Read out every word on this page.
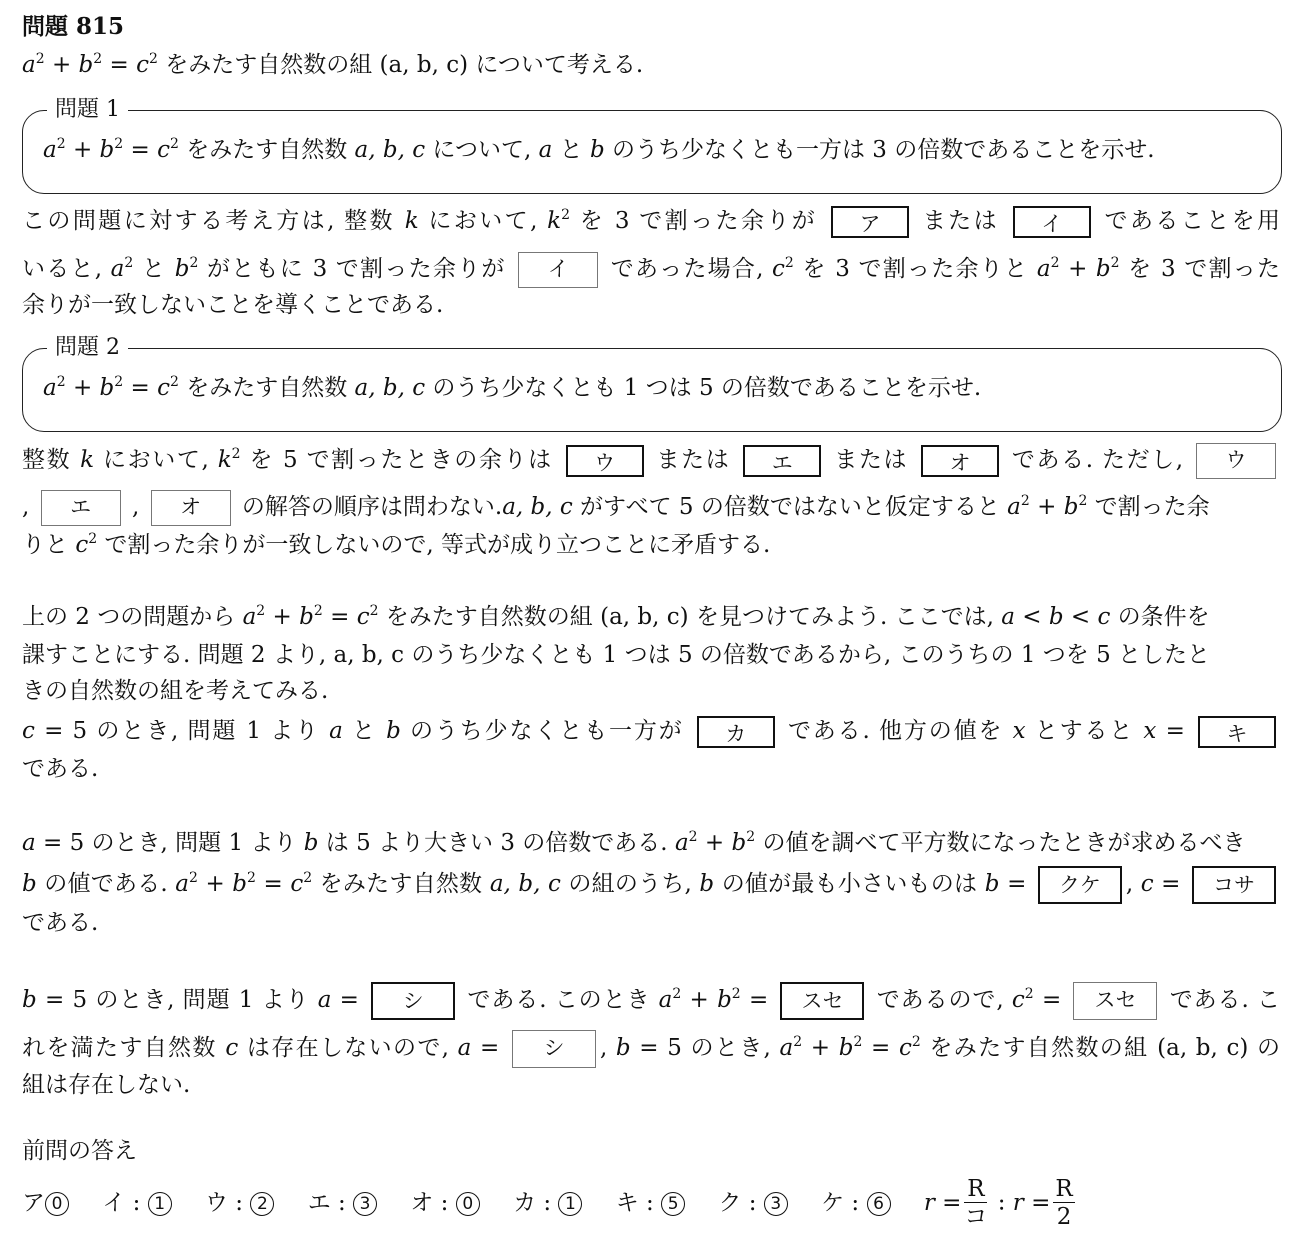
問題 815
$a^2 + b^2 = c^2$ をみたす自然数の組 (a, b, c) について考える.
問題 1
$a^2 + b^2 = c^2$ をみたす自然数 a, b, c について, a と b のうち少なくとも一方は 3 の倍数であることを示せ.
この問題に対する考え方は, 整数 k において, $k^2$ を 3 で割った余りが ア または イ であることを用
いると, $a^2$ と $b^2$ がともに 3 で割った余りが イ であった場合, $c^2$ を 3 で割った余りと $a^2 + b^2$ を 3 で割った
余りが一致しないことを導くことである.
問題 2
$a^2 + b^2 = c^2$ をみたす自然数 a, b, c のうち少なくとも 1 つは 5 の倍数であることを示せ.
整数 k において, $k^2$ を 5 で割ったときの余りは ウ または エ または オ である. ただし, ウ
, エ , オ の解答の順序は問わない.a, b, c がすべて 5 の倍数ではないと仮定すると $a^2 + b^2$ で割った余
りと $c^2$ で割った余りが一致しないので, 等式が成り立つことに矛盾する.
上の 2 つの問題から $a^2 + b^2 = c^2$ をみたす自然数の組 (a, b, c) を見つけてみよう. ここでは, a < b < c の条件を
課すことにする. 問題 2 より, a, b, c のうち少なくとも 1 つは 5 の倍数であるから, このうちの 1 つを 5 としたと
きの自然数の組を考えてみる.
c = 5 のとき, 問題 1 より a と b のうち少なくとも一方が カ である. 他方の値を x とすると x = キ
である.
a = 5 のとき, 問題 1 より b は 5 より大きい 3 の倍数である. $a^2 + b^2$ の値を調べて平方数になったときが求めるべき
b の値である. $a^2 + b^2 = c^2$ をみたす自然数 a, b, c の組のうち, b の値が最も小さいものは b = クケ , c = コサ
である.
b = 5 のとき, 問題 1 より a = シ である. このとき $a^2 + b^2$ = スセ であるので, $c^2$ = スセ である. こ
れを満たす自然数 c は存在しないので, a = シ , b = 5 のとき, $a^2 + b^2 = c^2$ をみたす自然数の組 (a, b, c) の
組は存在しない.
前問の答え
ア 0 イ : 1 ウ : 2 エ : 3 オ : 0 カ : 1 キ : 5 ク : 3 ケ : 6 $r = \frac{R}{\text{コ}}$ : $r = \frac{R}{2}$
